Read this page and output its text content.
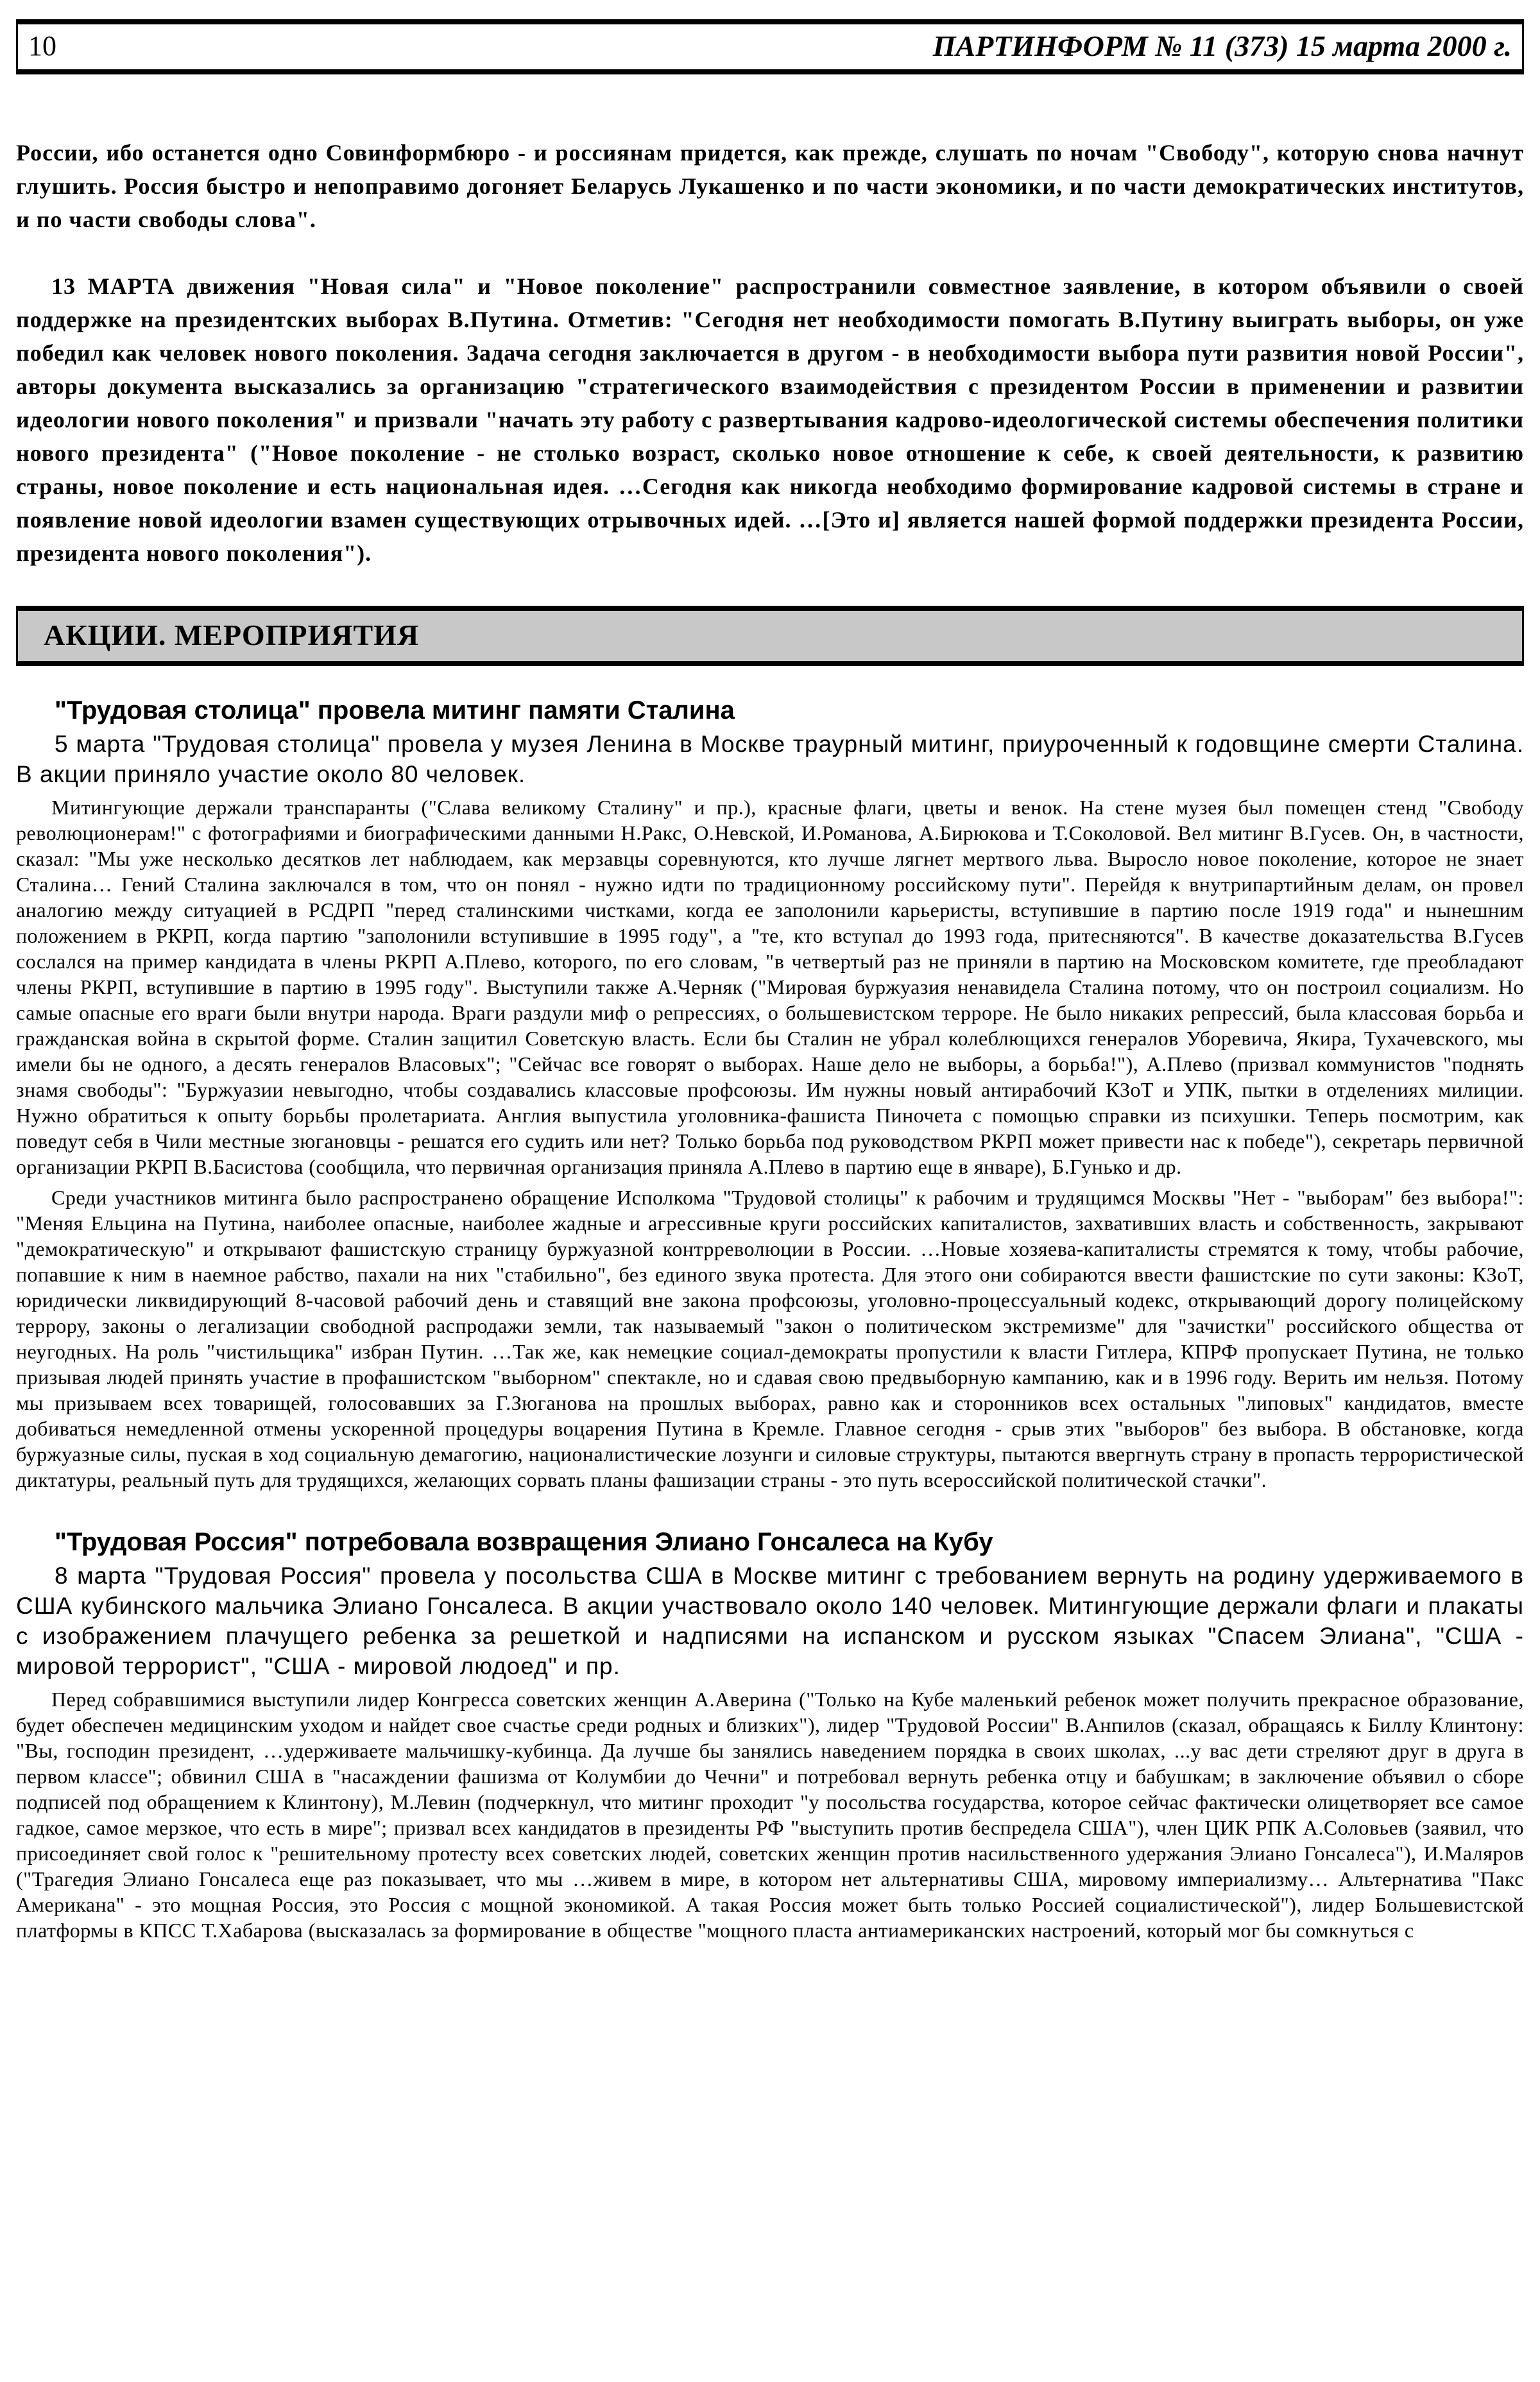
10	ПАРТИНФОРМ № 11 (373) 15 марта 2000 г.

России, ибо останется одно Совинформбюро - и россиянам придется, как прежде, слушать по ночам "Свободу", которую снова начнут глушить. Россия быстро и непоправимо догоняет Беларусь Лукашенко и по части экономики, и по части демократических институтов, и по части свободы слова".

13 МАРТА движения "Новая сила" и "Новое поколение" распространили совместное заявление, в котором объявили о своей поддержке на президентских выборах В.Путина. Отметив: "Сегодня нет необходимости помогать В.Путину выиграть выборы, он уже победил как человек нового поколения. Задача сегодня заключается в другом - в необходимости выбора пути развития новой России", авторы документа высказались за организацию "стратегического взаимодействия с президентом России в применении и развитии идеологии нового поколения" и призвали "начать эту работу с развертывания кадрово-идеологической системы обеспечения политики нового президента" ("Новое поколение - не столько возраст, сколько новое отношение к себе, к своей деятельности, к развитию страны, новое поколение и есть национальная идея. …Сегодня как никогда необходимо формирование кадровой системы в стране и появление новой идеологии взамен существующих отрывочных идей. …[Это и] является нашей формой поддержки президента России, президента нового поколения").

АКЦИИ. МЕРОПРИЯТИЯ
"Трудовая столица" провела митинг памяти Сталина

5 марта "Трудовая столица" провела у музея Ленина в Москве траурный митинг, приуроченный к годовщине смерти Сталина. В акции приняло участие около 80 человек.

Митингующие держали транспаранты ("Слава великому Сталину" и пр.), красные флаги, цветы и венок. На стене музея был помещен стенд "Свободу революционерам!" с фотографиями и биографическими данными Н.Ракс, О.Невской, И.Романова, А.Бирюкова и Т.Соколовой. Вел митинг В.Гусев. Он, в частности, сказал: "Мы уже несколько десятков лет наблюдаем, как мерзавцы соревнуются, кто лучше лягнет мертвого льва. Выросло новое поколение, которое не знает Сталина… Гений Сталина заключался в том, что он понял - нужно идти по традиционному российскому пути". Перейдя к внутрипартийным делам, он провел аналогию между ситуацией в РСДРП "перед сталинскими чистками, когда ее заполонили карьеристы, вступившие в партию после 1919 года" и нынешним положением в РКРП, когда партию "заполонили вступившие в 1995 году", а "те, кто вступал до 1993 года, притесняются". В качестве доказательства В.Гусев сослался на пример кандидата в члены РКРП А.Плево, которого, по его словам, "в четвертый раз не приняли в партию на Московском комитете, где преобладают члены РКРП, вступившие в партию в 1995 году". Выступили также А.Черняк ("Мировая буржуазия ненавидела Сталина потому, что он построил социализм. Но самые опасные его враги были внутри народа. Враги раздули миф о репрессиях, о большевистском терроре. Не было никаких репрессий, была классовая борьба и гражданская война в скрытой форме. Сталин защитил Советскую власть. Если бы Сталин не убрал колеблющихся генералов Уборевича, Якира, Тухачевского, мы имели бы не одного, а десять генералов Власовых"; "Сейчас все говорят о выборах. Наше дело не выборы, а борьба!"), А.Плево (призвал коммунистов "поднять знамя свободы": "Буржуазии невыгодно, чтобы создавались классовые профсоюзы. Им нужны новый антирабочий КЗоТ и УПК, пытки в отделениях милиции. Нужно обратиться к опыту борьбы пролетариата. Англия выпустила уголовника-фашиста Пиночета с помощью справки из психушки. Теперь посмотрим, как поведут себя в Чили местные зюгановцы - решатся его судить или нет? Только борьба под руководством РКРП может привести нас к победе"), секретарь первичной организации РКРП В.Басистова (сообщила, что первичная организация приняла А.Плево в партию еще в январе), Б.Гунько и др.

Среди участников митинга было распространено обращение Исполкома "Трудовой столицы" к рабочим и трудящимся Москвы "Нет - "выборам" без выбора!": "Меняя Ельцина на Путина, наиболее опасные, наиболее жадные и агрессивные круги российских капиталистов, захвативших власть и собственность, закрывают "демократическую" и открывают фашистскую страницу буржуазной контрреволюции в России. …Новые хозяева-капиталисты стремятся к тому, чтобы рабочие, попавшие к ним в наемное рабство, пахали на них "стабильно", без единого звука протеста. Для этого они собираются ввести фашистские по сути законы: КЗоТ, юридически ликвидирующий 8-часовой рабочий день и ставящий вне закона профсоюзы, уголовно-процессуальный кодекс, открывающий дорогу полицейскому террору, законы о легализации свободной распродажи земли, так называемый "закон о политическом экстремизме" для "зачистки" российского общества от неугодных. На роль "чистильщика" избран Путин. …Так же, как немецкие социал-демократы пропустили к власти Гитлера, КПРФ пропускает Путина, не только призывая людей принять участие в профашистском "выборном" спектакле, но и сдавая свою предвыборную кампанию, как и в 1996 году. Верить им нельзя. Потому мы призываем всех товарищей, голосовавших за Г.Зюганова на прошлых выборах, равно как и сторонников всех остальных "липовых" кандидатов, вместе добиваться немедленной отмены ускоренной процедуры воцарения Путина в Кремле. Главное сегодня - срыв этих "выборов" без выбора. В обстановке, когда буржуазные силы, пуская в ход социальную демагогию, националистические лозунги и силовые структуры, пытаются ввергнуть страну в пропасть террористической диктатуры, реальный путь для трудящихся, желающих сорвать планы фашизации страны - это путь всероссийской политической стачки".

"Трудовая Россия" потребовала возвращения Элиано Гонсалеса на Кубу

8 марта "Трудовая Россия" провела у посольства США в Москве митинг с требованием вернуть на родину удерживаемого в США кубинского мальчика Элиано Гонсалеса. В акции участвовало около 140 человек. Митингующие держали флаги и плакаты с изображением плачущего ребенка за решеткой и надписями на испанском и русском языках "Спасем Элиана", "США - мировой террорист", "США - мировой людоед" и пр.

Перед собравшимися выступили лидер Конгресса советских женщин А.Аверина ("Только на Кубе маленький ребенок может получить прекрасное образование, будет обеспечен медицинским уходом и найдет свое счастье среди родных и близких"), лидер "Трудовой России" В.Анпилов (сказал, обращаясь к Биллу Клинтону: "Вы, господин президент, …удерживаете мальчишку-кубинца. Да лучше бы занялись наведением порядка в своих школах, ...у вас дети стреляют друг в друга в первом классе"; обвинил США в "насаждении фашизма от Колумбии до Чечни" и потребовал вернуть ребенка отцу и бабушкам; в заключение объявил о сборе подписей под обращением к Клинтону), М.Левин (подчеркнул, что митинг проходит "у посольства государства, которое сейчас фактически олицетворяет все самое гадкое, самое мерзкое, что есть в мире"; призвал всех кандидатов в президенты РФ "выступить против беспредела США"), член ЦИК РПК А.Соловьев (заявил, что присоединяет свой голос к "решительному протесту всех советских людей, советских женщин против насильственного удержания Элиано Гонсалеса"), И.Маляров ("Трагедия Элиано Гонсалеса еще раз показывает, что мы …живем в мире, в котором нет альтернативы США, мировому империализму… Альтернатива "Пакс Американа" - это мощная Россия, это Россия с мощной экономикой. А такая Россия может быть только Россией социалистической"), лидер Большевистской платформы в КПСС Т.Хабарова (высказалась за формирование в обществе "мощного пласта антиамериканских настроений, который мог бы сомкнуться с
